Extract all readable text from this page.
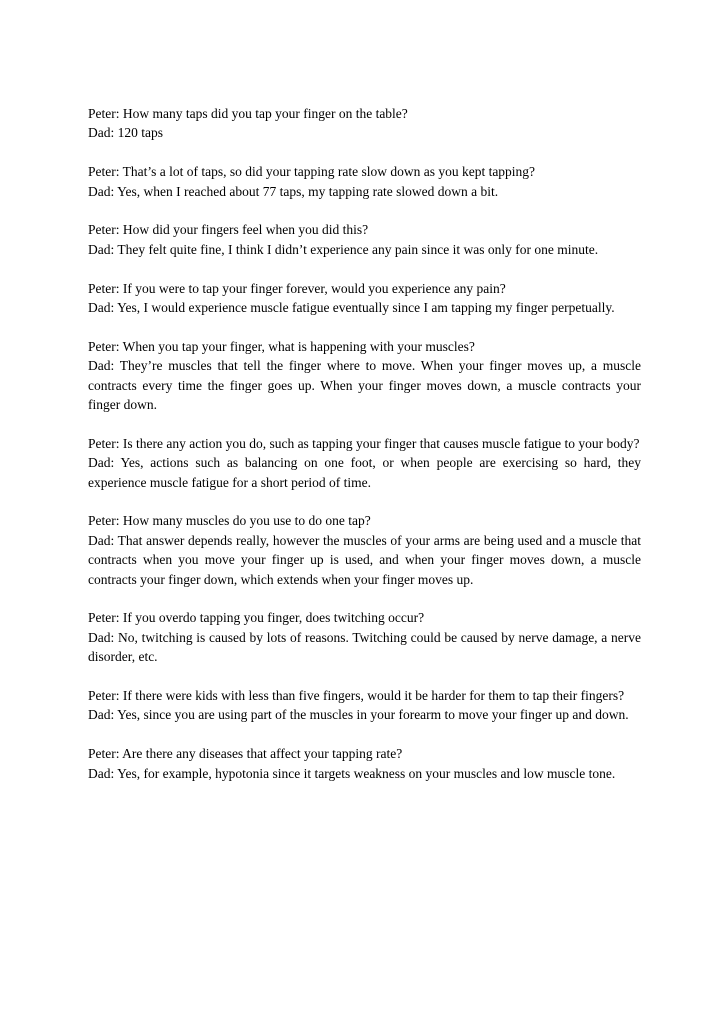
Peter: How many taps did you tap your finger on the table?

Dad: 120 taps

Peter: That’s a lot of taps, so did your tapping rate slow down as you kept tapping?

Dad: Yes, when I reached about 77 taps, my tapping rate slowed down a bit.

Peter: How did your fingers feel when you did this?

Dad: They felt quite fine, I think I didn’t experience any pain since it was only for one minute.

Peter: If you were to tap your finger forever, would you experience any pain?

Dad: Yes, I would experience muscle fatigue eventually since I am tapping my finger perpetually.

Peter: When you tap your finger, what is happening with your muscles?

Dad: They’re muscles that tell the finger where to move. When your finger moves up, a muscle contracts every time the finger goes up. When your finger moves down, a muscle contracts your finger down.

Peter: Is there any action you do, such as tapping your finger that causes muscle fatigue to your body?

Dad: Yes, actions such as balancing on one foot, or when people are exercising so hard, they experience muscle fatigue for a short period of time.

Peter: How many muscles do you use to do one tap?

Dad: That answer depends really, however the muscles of your arms are being used and a muscle that contracts when you move your finger up is used, and when your finger moves down, a muscle contracts your finger down, which extends when your finger moves up.

Peter: If you overdo tapping you finger, does twitching occur?

Dad: No, twitching is caused by lots of reasons. Twitching could be caused by nerve damage, a nerve disorder, etc.

Peter: If there were kids with less than five fingers, would it be harder for them to tap their fingers?

Dad: Yes, since you are using part of the muscles in your forearm to move your finger up and down.

Peter: Are there any diseases that affect your tapping rate?

Dad: Yes, for example, hypotonia since it targets weakness on your muscles and low muscle tone.
